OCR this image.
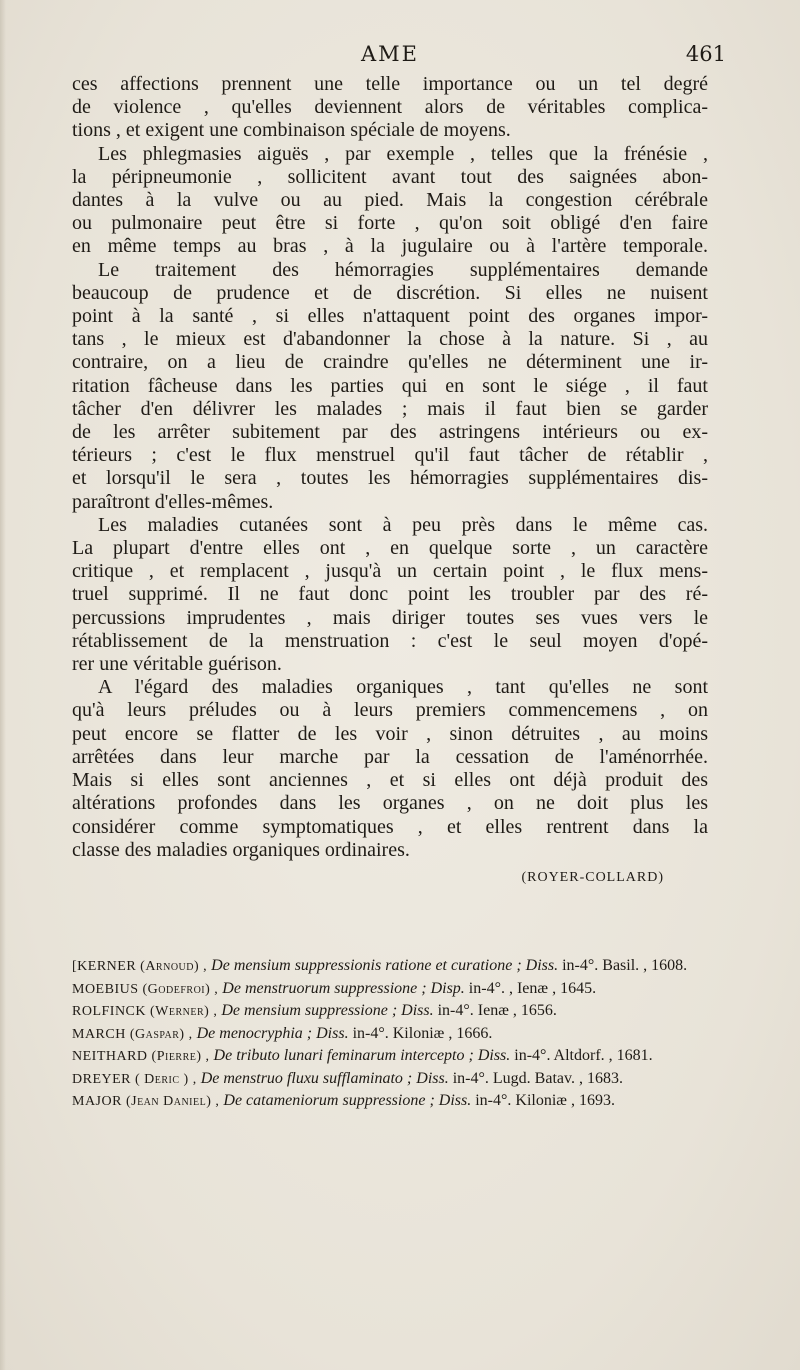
AME	461

ces affections prennent une telle importance ou un tel degré
de violence , qu'elles deviennent alors de véritables complica-
tions , et exigent une combinaison spéciale de moyens.

Les phlegmasies aiguës , par exemple , telles que la frénésie ,
la péripneumonie , sollicitent avant tout des saignées abon-
dantes à la vulve ou au pied. Mais la congestion cérébrale
ou pulmonaire peut être si forte , qu'on soit obligé d'en faire
en même temps au bras , à la jugulaire ou à l'artère temporale.

Le traitement des hémorragies supplémentaires demande
beaucoup de prudence et de discrétion. Si elles ne nuisent
point à la santé , si elles n'attaquent point des organes impor-
tans , le mieux est d'abandonner la chose à la nature. Si , au
contraire, on a lieu de craindre qu'elles ne déterminent une ir-
ritation fâcheuse dans les parties qui en sont le siége , il faut
tâcher d'en délivrer les malades ; mais il faut bien se garder
de les arrêter subitement par des astringens intérieurs ou ex-
térieurs ; c'est le flux menstruel qu'il faut tâcher de rétablir ,
et lorsqu'il le sera , toutes les hémorragies supplémentaires dis-
paraîtront d'elles-mêmes.

Les maladies cutanées sont à peu près dans le même cas.
La plupart d'entre elles ont , en quelque sorte , un caractère
critique , et remplacent , jusqu'à un certain point , le flux mens-
truel supprimé. Il ne faut donc point les troubler par des ré-
percussions imprudentes , mais diriger toutes ses vues vers le
rétablissement de la menstruation : c'est le seul moyen d'opé-
rer une véritable guérison.

A l'égard des maladies organiques , tant qu'elles ne sont
qu'à leurs préludes ou à leurs premiers commencemens , on
peut encore se flatter de les voir , sinon détruites , au moins
arrêtées dans leur marche par la cessation de l'aménorrhée.
Mais si elles sont anciennes , et si elles ont déjà produit des
altérations profondes dans les organes , on ne doit plus les
considérer comme symptomatiques , et elles rentrent dans la
classe des maladies organiques ordinaires.

(ROYER-COLLARD)

[KERNER (Arnoud) , De mensium suppressionis ratione et curatione ; Diss. in-4°. Basil. , 1608.

MOEBIUS (Godefroi) , De menstruorum suppressione ; Disp. in-4°. , Ienæ , 1645.

ROLFINCK (Werner) , De mensium suppressione ; Diss. in-4°. Ienæ , 1656.

MARCH (Gaspar) , De menocryphia ; Diss. in-4°. Kiloniæ , 1666.

NEITHARD (Pierre) , De tributo lunari feminarum intercepto ; Diss. in-4°. Altdorf. , 1681.

DREYER ( Deric ) , De menstruo fluxu sufflaminato ; Diss. in-4°. Lugd. Batav. , 1683.

MAJOR (Jean Daniel) , De catameniorum suppressione ; Diss. in-4°. Kiloniæ , 1693.
